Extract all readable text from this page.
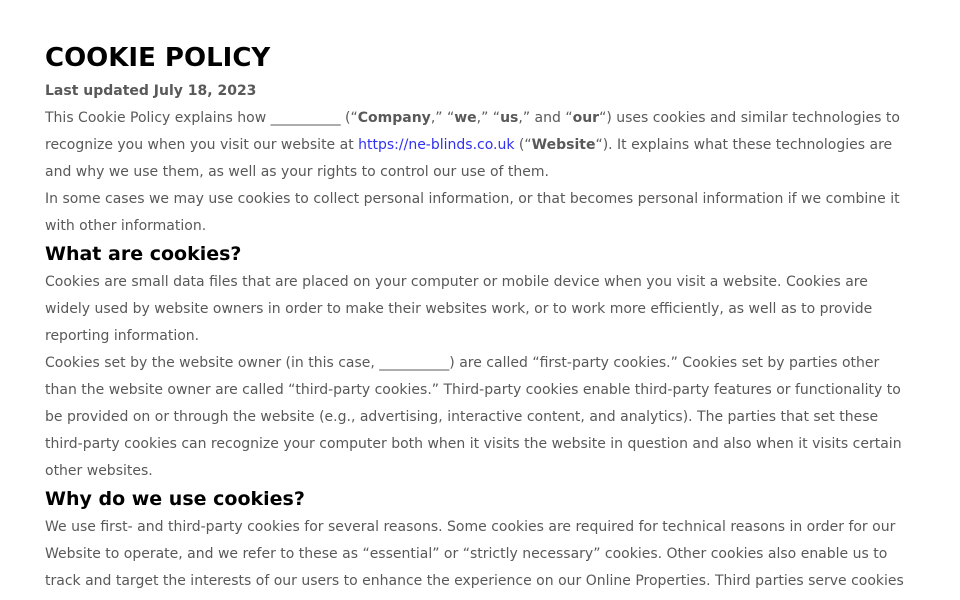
COOKIE POLICY
Last updated July 18, 2023

This Cookie Policy explains how __________ (“Company,” “we,” “us,” and “our“) uses cookies and similar technologies to recognize you when you visit our website at https://ne-blinds.co.uk (“Website“). It explains what these technologies are and why we use them, as well as your rights to control our use of them.

In some cases we may use cookies to collect personal information, or that becomes personal information if we combine it with other information.

What are cookies?

Cookies are small data files that are placed on your computer or mobile device when you visit a website. Cookies are widely used by website owners in order to make their websites work, or to work more efficiently, as well as to provide reporting information.

Cookies set by the website owner (in this case, __________) are called “first-party cookies.” Cookies set by parties other than the website owner are called “third-party cookies.” Third-party cookies enable third-party features or functionality to be provided on or through the website (e.g., advertising, interactive content, and analytics). The parties that set these third-party cookies can recognize your computer both when it visits the website in question and also when it visits certain other websites.

Why do we use cookies?

We use first- and third-party cookies for several reasons. Some cookies are required for technical reasons in order for our Website to operate, and we refer to these as “essential” or “strictly necessary” cookies. Other cookies also enable us to track and target the interests of our users to enhance the experience on our Online Properties. Third parties serve cookies
